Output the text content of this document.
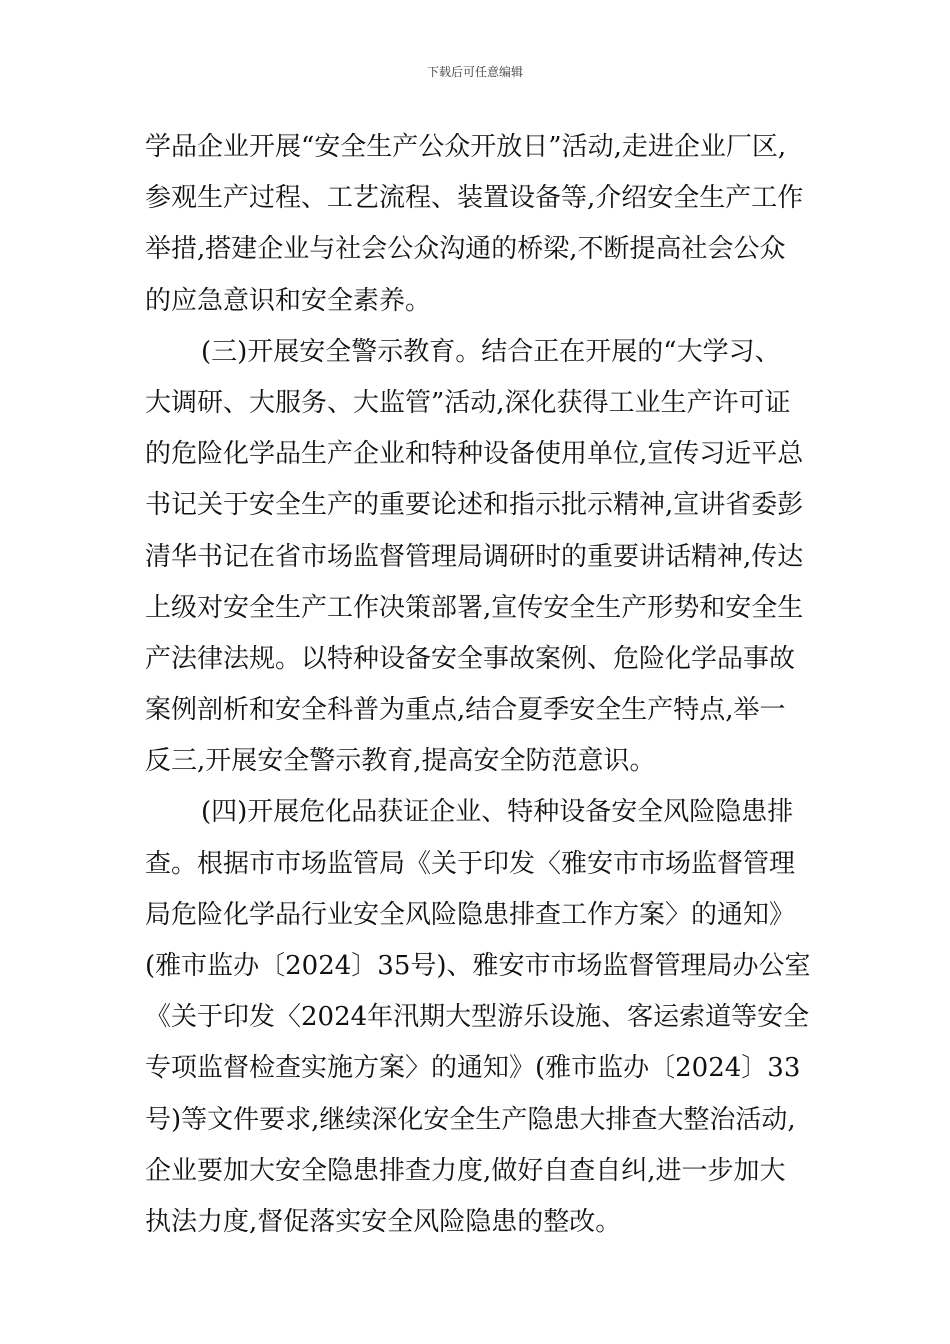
下载后可任意编辑
学品企业开展“安全生产公众开放日”活动,走进企业厂区,
参观生产过程、工艺流程、装置设备等,介绍安全生产工作
举措,搭建企业与社会公众沟通的桥梁,不断提高社会公众
的应急意识和安全素养。
(三)开展安全警示教育。结合正在开展的“大学习、
大调研、大服务、大监管”活动,深化获得工业生产许可证
的危险化学品生产企业和特种设备使用单位,宣传习近平总
书记关于安全生产的重要论述和指示批示精神,宣讲省委彭
清华书记在省市场监督管理局调研时的重要讲话精神,传达
上级对安全生产工作决策部署,宣传安全生产形势和安全生
产法律法规。以特种设备安全事故案例、危险化学品事故
案例剖析和安全科普为重点,结合夏季安全生产特点,举一
反三,开展安全警示教育,提高安全防范意识。
(四)开展危化品获证企业、特种设备安全风险隐患排
查。根据市市场监管局《关于印发〈雅安市市场监督管理
局危险化学品行业安全风险隐患排查工作方案〉的通知》
(雅市监办〔2024〕35号)、雅安市市场监督管理局办公室
《关于印发〈2024年汛期大型游乐设施、客运索道等安全
专项监督检查实施方案〉的通知》(雅市监办〔2024〕33
号)等文件要求,继续深化安全生产隐患大排查大整治活动,
企业要加大安全隐患排查力度,做好自查自纠,进一步加大
执法力度,督促落实安全风险隐患的整改。
